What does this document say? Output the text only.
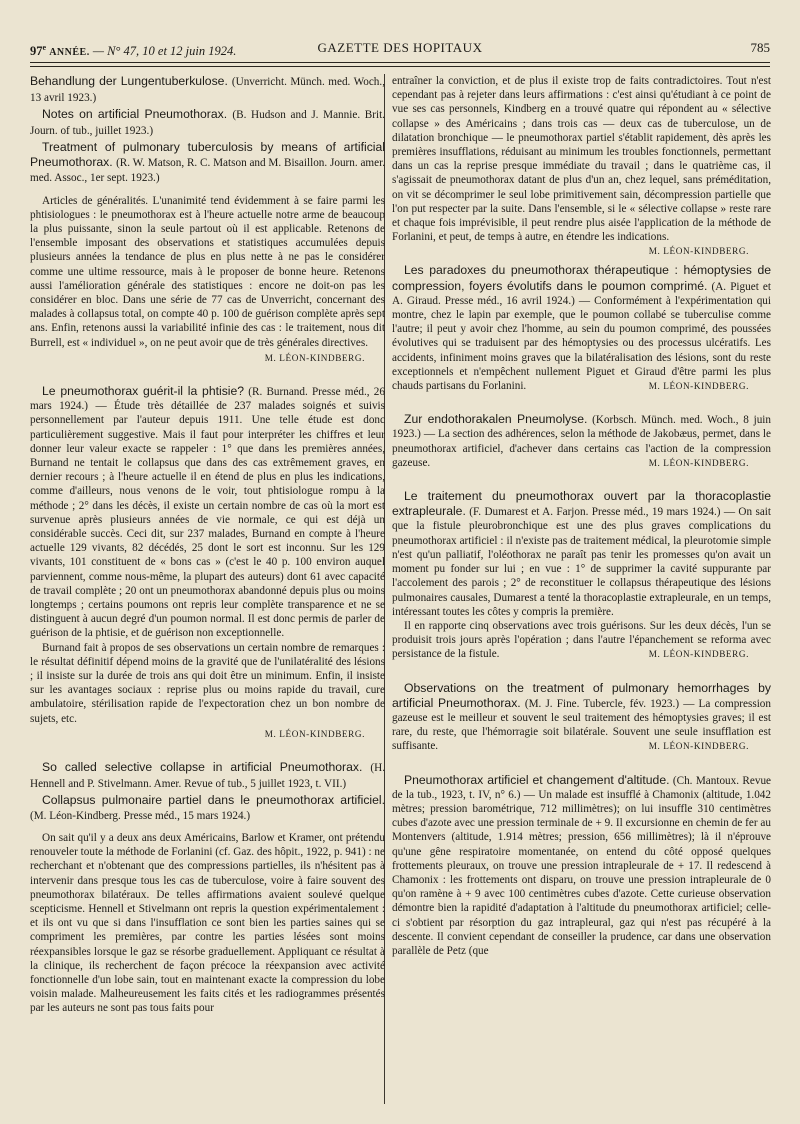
97e ANNÉE. — N° 47, 10 et 12 juin 1924.	GAZETTE DES HOPITAUX	785
Behandlung der Lungentuberkulose. (Unverricht. Münch. med. Woch., 13 avril 1923.)
Notes on artificial Pneumothorax. (B. Hudson and J. Mannie. Brit. Journ. of tub., juillet 1923.)
Treatment of pulmonary tuberculosis by means of artificial Pneumothorax. (R. W. Matson, R. C. Matson and M. Bisaillon. Journ. amer. med. Assoc., 1er sept. 1923.)

Articles de généralités. L'unanimité tend évidemment à se faire parmi les phtisiologues : le pneumothorax est à l'heure actuelle notre arme de beaucoup la plus puissante, sinon la seule partout où il est applicable. Retenons de l'ensemble imposant des observations et statistiques accumulées depuis plusieurs années la tendance de plus en plus nette à ne pas le considérer comme une ultime ressource, mais à le proposer de bonne heure. Retenons aussi l'amélioration générale des statistiques : encore ne doit-on pas les considérer en bloc. Dans une série de 77 cas de Unverricht, concernant des malades à collapsus total, on compte 40 p. 100 de guérison complète après sept ans. Enfin, retenons aussi la variabilité infinie des cas : le traitement, nous dit Burrell, est « individuel », on ne peut avoir que de très générales directives.

M. LÉON-KINDBERG.

Le pneumothorax guérit-il la phtisie? (R. Burnand. Presse méd., 26 mars 1924.) — Étude très détaillée de 237 malades soignés et suivis personnellement par l'auteur depuis 1911. Une telle étude est donc particulièrement suggestive. Mais il faut pour interpréter les chiffres et leur donner leur valeur exacte se rappeler : 1° que dans les premières années, Burnand ne tentait le collapsus que dans des cas extrêmement graves, en dernier recours ; à l'heure actuelle il en étend de plus en plus les indications, comme d'ailleurs, nous venons de le voir, tout phtisiologue rompu à la méthode ; 2° dans les décès, il existe un certain nombre de cas où la mort est survenue après plusieurs années de vie normale, ce qui est déjà un considérable succès. Ceci dit, sur 237 malades, Burnand en compte à l'heure actuelle 129 vivants, 82 décédés, 25 dont le sort est inconnu. Sur les 129 vivants, 101 constituent de « bons cas » (c'est le 40 p. 100 environ auquel parviennent, comme nous-même, la plupart des auteurs) dont 61 avec capacité de travail complète ; 20 ont un pneumothorax abandonné depuis plus ou moins longtemps ; certains poumons ont repris leur complète transparence et ne se distinguent à aucun degré d'un poumon normal. Il est donc permis de parler de guérison de la phtisie, et de guérison non exceptionnelle.

Burnand fait à propos de ses observations un certain nombre de remarques : le résultat définitif dépend moins de la gravité que de l'unilatéralité des lésions ; il insiste sur la durée de trois ans qui doit être un minimum. Enfin, il insiste sur les avantages sociaux : reprise plus ou moins rapide du travail, cure ambulatoire, stérilisation rapide de l'expectoration chez un bon nombre de sujets, etc.

M. LÉON-KINDBERG.
So called selective collapse in artificial Pneumothorax. (H. Hennell and P. Stivelmann. Amer. Revue of tub., 5 juillet 1923, t. VII.)
Collapsus pulmonaire partiel dans le pneumothorax artificiel. (M. Léon-Kindberg. Presse méd., 15 mars 1924.)

On sait qu'il y a deux ans deux Américains, Barlow et Kramer, ont prétendu renouveler toute la méthode de Forlanini (cf. Gaz. des hôpit., 1922, p. 941) : ne recherchant et n'obtenant que des compressions partielles, ils n'hésitent pas à intervenir dans presque tous les cas de tuberculose, voire à faire souvent des pneumothorax bilatéraux. De telles affirmations avaient soulevé quelque scepticisme. Hennell et Stivelmann ont repris la question expérimentalement : et ils ont vu que si dans l'insufflation ce sont bien les parties saines qui se compriment les premières, par contre les parties lésées sont moins réexpansibles lorsque le gaz se résorbe graduellement. Appliquant ce résultat à la clinique, ils recherchent de façon précoce la réexpansion avec activité fonctionnelle d'un lobe sain, tout en maintenant exacte la compression du lobe voisin malade. Malheureusement les faits cités et les radiogrammes présentés par les auteurs ne sont pas tous faits pour

entraîner la conviction, et de plus il existe trop de faits contradictoires. Tout n'est cependant pas à rejeter dans leurs affirmations : c'est ainsi qu'étudiant à ce point de vue ses cas personnels, Kindberg en a trouvé quatre qui répondent au « sélective collapse » des Américains ; dans trois cas — deux cas de tuberculose, un de dilatation bronchique — le pneumothorax partiel s'établit rapidement, dès après les premières insufflations, réduisant au minimum les troubles fonctionnels, permettant dans un cas la reprise presque immédiate du travail ; dans le quatrième cas, il s'agissait de pneumothorax datant de plus d'un an, chez lequel, sans préméditation, on vit se décomprimer le seul lobe primitivement sain, décompression partielle que l'on put respecter par la suite. Dans l'ensemble, si le « sélective collapse » reste rare et chaque fois imprévisible, il peut rendre plus aisée l'application de la méthode de Forlanini, et peut, de temps à autre, en étendre les indications.
M. LÉON-KINDBERG.

Les paradoxes du pneumothorax thérapeutique : hémoptysies de compression, foyers évolutifs dans le poumon comprimé. (A. Piguet et A. Giraud. Presse méd., 16 avril 1924.) — Conformément à l'expérimentation qui montre, chez le lapin par exemple, que le poumon collabé se tuberculise comme l'autre; il peut y avoir chez l'homme, au sein du poumon comprimé, des poussées évolutives qui se traduisent par des hémoptysies ou des processus ulcératifs. Les accidents, infiniment moins graves que la bilatéralisation des lésions, sont du reste exceptionnels et n'empêchent nullement Piguet et Giraud d'être parmi les plus chauds partisans du Forlanini.	M. LÉON-KINDBERG.

Zur endothorakalen Pneumolyse. (Korbsch. Münch. med. Woch., 8 juin 1923.) — La section des adhérences, selon la méthode de Jakobæus, permet, dans le pneumothorax artificiel, d'achever dans certains cas l'action de la compression gazeuse.	M. LÉON-KINDBERG.

Le traitement du pneumothorax ouvert par la thoracoplastie extrapleurale. (F. Dumarest et A. Farjon. Presse méd., 19 mars 1924.) — On sait que la fistule pleurobronchique est une des plus graves complications du pneumothorax artificiel : il n'existe pas de traitement médical, la pleurotomie simple n'est qu'un palliatif, l'oléothorax ne paraît pas tenir les promesses qu'on avait un moment pu fonder sur lui ; en vue : 1° de supprimer la cavité suppurante par l'accolement des parois ; 2° de reconstituer le collapsus thérapeutique des lésions pulmonaires causales, Dumarest a tenté la thoracoplastie extrapleurale, en un temps, intéressant toutes les côtes y compris la première.

Il en rapporte cinq observations avec trois guérisons. Sur les deux décès, l'un se produisit trois jours après l'opération ; dans l'autre l'épanchement se reforma avec persistance de la fistule.	M. LÉON-KINDBERG.

Observations on the treatment of pulmonary hemorrhages by artificial Pneumothorax. (M. J. Fine. Tubercle, fév. 1923.) — La compression gazeuse est le meilleur et souvent le seul traitement des hémoptysies graves; il est rare, du reste, que l'hémorragie soit bilatérale. Souvent une seule insufflation est suffisante.	M. LÉON-KINDBERG.

Pneumothorax artificiel et changement d'altitude. (Ch. Mantoux. Revue de la tub., 1923, t. IV, n° 6.) — Un malade est insufflé à Chamonix (altitude, 1.042 mètres; pression barométrique, 712 millimètres); on lui insuffle 310 centimètres cubes d'azote avec une pression terminale de + 9. Il excursionne en chemin de fer au Montenvers (altitude, 1.914 mètres; pression, 656 millimètres); là il n'éprouve qu'une gêne respiratoire momentanée, on entend du côté opposé quelques frottements pleuraux, on trouve une pression intrapleurale de + 17. Il redescend à Chamonix : les frottements ont disparu, on trouve une pression intrapleurale de 0 qu'on ramène à + 9 avec 100 centimètres cubes d'azote. Cette curieuse observation démontre bien la rapidité d'adaptation à l'altitude du pneumothorax artificiel; celle-ci s'obtient par résorption du gaz intrapleural, gaz qui n'est pas récupéré à la descente. Il convient cependant de conseiller la prudence, car dans une observation parallèle de Petz (que
